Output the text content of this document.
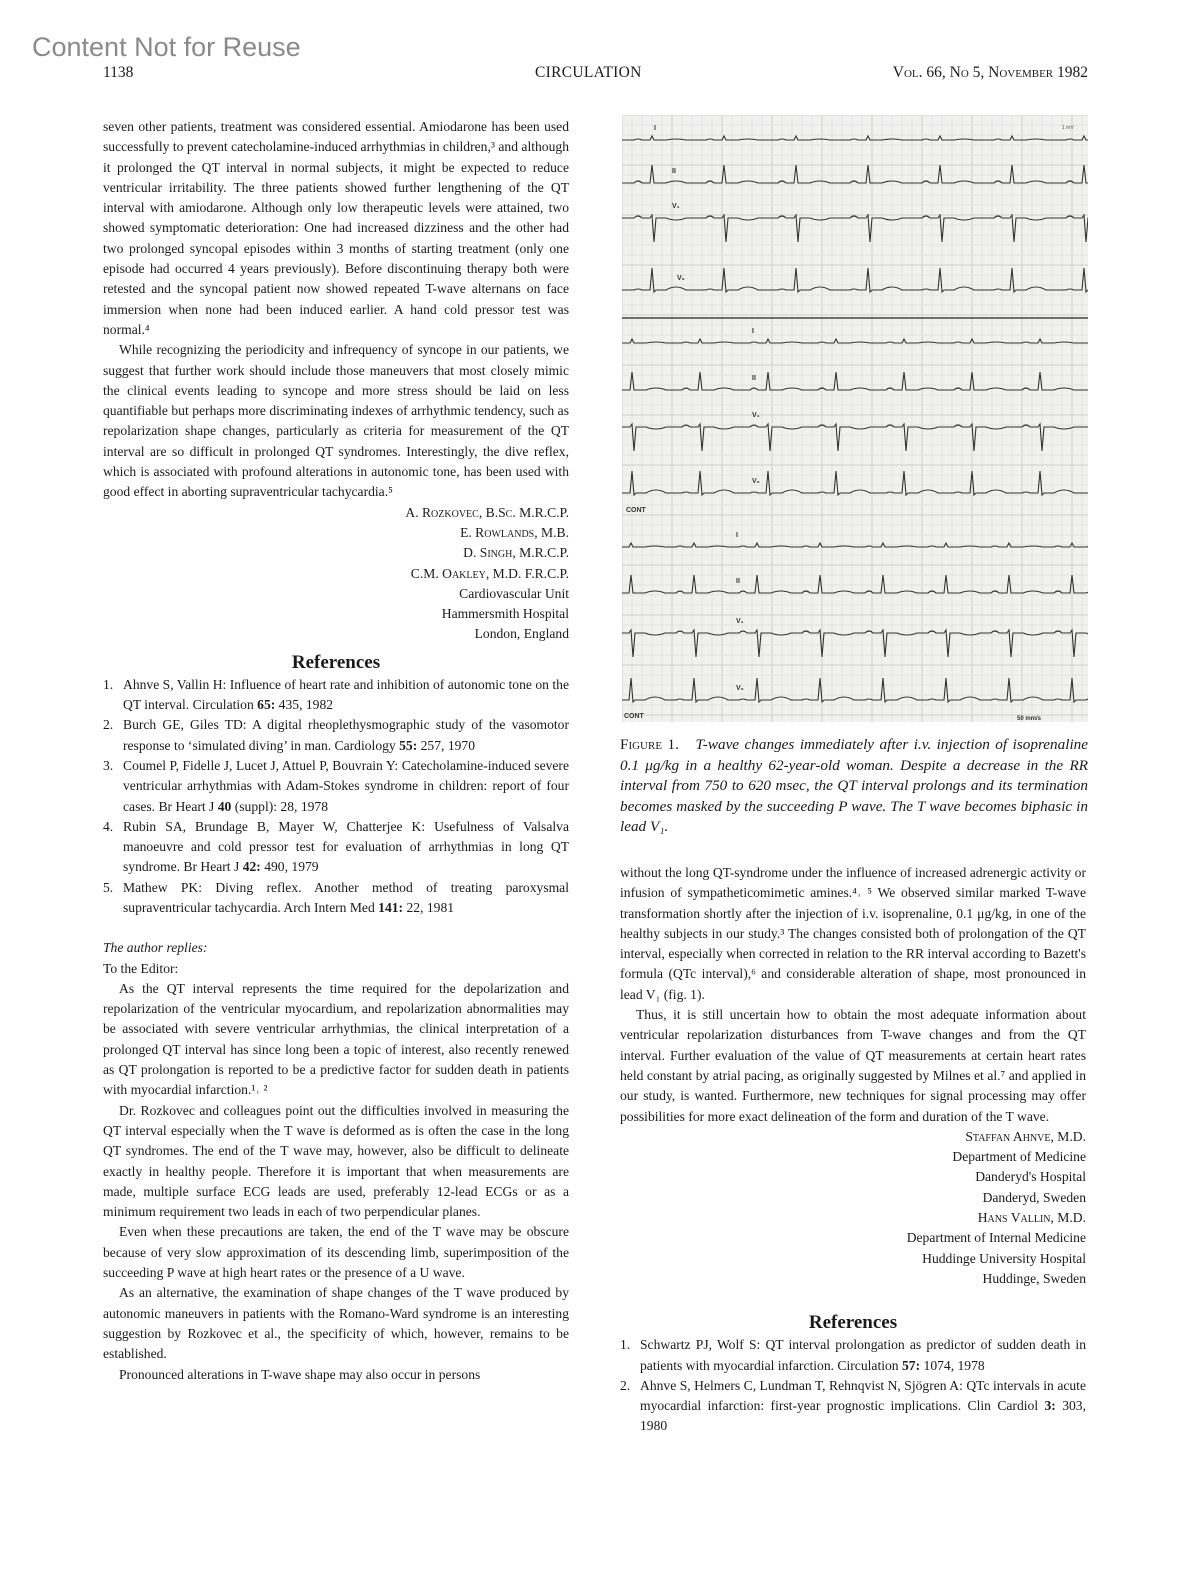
Content Not for Reuse
1138	CIRCULATION	Vol. 66, No 5, November 1982

seven other patients, treatment was considered essential. Amiodarone has been used successfully to prevent catecholamine-induced arrhythmias in children,³ and although it prolonged the QT interval in normal subjects, it might be expected to reduce ventricular irritability. The three patients showed further lengthening of the QT interval with amiodarone. Although only low therapeutic levels were attained, two showed symptomatic deterioration: One had increased dizziness and the other had two prolonged syncopal episodes within 3 months of starting treatment (only one episode had occurred 4 years previously). Before discontinuing therapy both were retested and the syncopal patient now showed repeated T-wave alternans on face immersion when none had been induced earlier. A hand cold pressor test was normal.⁴

While recognizing the periodicity and infrequency of syncope in our patients, we suggest that further work should include those maneuvers that most closely mimic the clinical events leading to syncope and more stress should be laid on less quantifiable but perhaps more discriminating indexes of arrhythmic tendency, such as repolarization shape changes, particularly as criteria for measurement of the QT interval are so difficult in prolonged QT syndromes. Interestingly, the dive reflex, which is associated with profound alterations in autonomic tone, has been used with good effect in aborting supraventricular tachycardia.⁵

A. Rozkovec, B.Sc. M.R.C.P.
E. Rowlands, M.B.
D. Singh, M.R.C.P.
C.M. Oakley, M.D. F.R.C.P.
Cardiovascular Unit
Hammersmith Hospital
London, England
References
1. Ahnve S, Vallin H: Influence of heart rate and inhibition of autonomic tone on the QT interval. Circulation 65: 435, 1982
2. Burch GE, Giles TD: A digital rheoplethysmographic study of the vasomotor response to ‘simulated diving’ in man. Cardiology 55: 257, 1970
3. Coumel P, Fidelle J, Lucet J, Attuel P, Bouvrain Y: Catecholamine-induced severe ventricular arrhythmias with Adam-Stokes syndrome in children: report of four cases. Br Heart J 40 (suppl): 28, 1978
4. Rubin SA, Brundage B, Mayer W, Chatterjee K: Usefulness of Valsalva manoeuvre and cold pressor test for evaluation of arrhythmias in long QT syndrome. Br Heart J 42: 490, 1979
5. Mathew PK: Diving reflex. Another method of treating paroxysmal supraventricular tachycardia. Arch Intern Med 141: 22, 1981

The author replies:

To the Editor:

As the QT interval represents the time required for the depolarization and repolarization of the ventricular myocardium, and repolarization abnormalities may be associated with severe ventricular arrhythmias, the clinical interpretation of a prolonged QT interval has since long been a topic of interest, also recently renewed as QT prolongation is reported to be a predictive factor for sudden death in patients with myocardial infarction.¹˒ ²

Dr. Rozkovec and colleagues point out the difficulties involved in measuring the QT interval especially when the T wave is deformed as is often the case in the long QT syndromes. The end of the T wave may, however, also be difficult to delineate exactly in healthy people. Therefore it is important that when measurements are made, multiple surface ECG leads are used, preferably 12-lead ECGs or as a minimum requirement two leads in each of two perpendicular planes.

Even when these precautions are taken, the end of the T wave may be obscure because of very slow approximation of its descending limb, superimposition of the succeeding P wave at high heart rates or the presence of a U wave.

As an alternative, the examination of shape changes of the T wave produced by autonomic maneuvers in patients with the Romano-Ward syndrome is an interesting suggestion by Rozkovec et al., the specificity of which, however, remains to be established.

Pronounced alterations in T-wave shape may also occur in persons

I
II
V₁
V₆
I
II
V₁
V₆
I
II
V₁
V₆
CONT
CONT	50 mm/s
1 mV
Figure 1. T-wave changes immediately after i.v. injection of isoprenaline 0.1 μg/kg in a healthy 62-year-old woman. Despite a decrease in the RR interval from 750 to 620 msec, the QT interval prolongs and its termination becomes masked by the succeeding P wave. The T wave becomes biphasic in lead V₁.

without the long QT-syndrome under the influence of increased adrenergic activity or infusion of sympatheticomimetic amines.⁴˒ ⁵ We observed similar marked T-wave transformation shortly after the injection of i.v. isoprenaline, 0.1 μg/kg, in one of the healthy subjects in our study.³ The changes consisted both of prolongation of the QT interval, especially when corrected in relation to the RR interval according to Bazett's formula (QTc interval),⁶ and considerable alteration of shape, most pronounced in lead V₁ (fig. 1).

Thus, it is still uncertain how to obtain the most adequate information about ventricular repolarization disturbances from T-wave changes and from the QT interval. Further evaluation of the value of QT measurements at certain heart rates held constant by atrial pacing, as originally suggested by Milnes et al.⁷ and applied in our study, is wanted. Furthermore, new techniques for signal processing may offer possibilities for more exact delineation of the form and duration of the T wave.

Staffan Ahnve, M.D.
Department of Medicine
Danderyd's Hospital
Danderyd, Sweden
Hans Vallin, M.D.
Department of Internal Medicine
Huddinge University Hospital
Huddinge, Sweden
References
1. Schwartz PJ, Wolf S: QT interval prolongation as predictor of sudden death in patients with myocardial infarction. Circulation 57: 1074, 1978
2. Ahnve S, Helmers C, Lundman T, Rehnqvist N, Sjögren A: QTc intervals in acute myocardial infarction: first-year prognostic implications. Clin Cardiol 3: 303, 1980
